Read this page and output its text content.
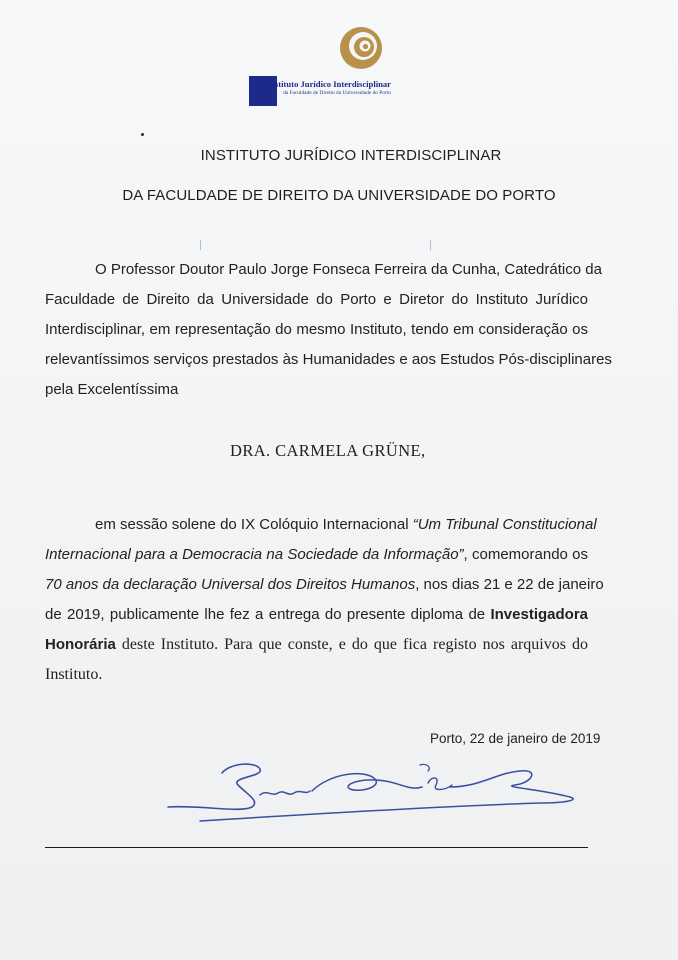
Instituto Jurídico Interdisciplinar
da Faculdade de Direito da Universidade do Porto
INSTITUTO JURÍDICO INTERDISCIPLINAR
DA FACULDADE DE DIREITO DA UNIVERSIDADE DO PORTO
O Professor Doutor Paulo Jorge Fonseca Ferreira da Cunha, Catedrático da
Faculdade de Direito da Universidade do Porto e Diretor do Instituto Jurídico
Interdisciplinar, em representação do mesmo Instituto, tendo em consideração os
relevantíssimos serviços prestados às Humanidades e aos Estudos Pós-disciplinares
pela Excelentíssima
DRA. CARMELA GRÜNE,
em sessão solene do IX Colóquio Internacional “Um Tribunal Constitucional
Internacional para a Democracia na Sociedade da Informação”, comemorando os
70 anos da declaração Universal dos Direitos Humanos, nos dias 21 e 22 de janeiro
de 2019, publicamente lhe fez a entrega do presente diploma de Investigadora
Honorária deste Instituto. Para que conste, e do que fica registo nos arquivos do
Instituto.
Porto, 22 de janeiro de 2019
